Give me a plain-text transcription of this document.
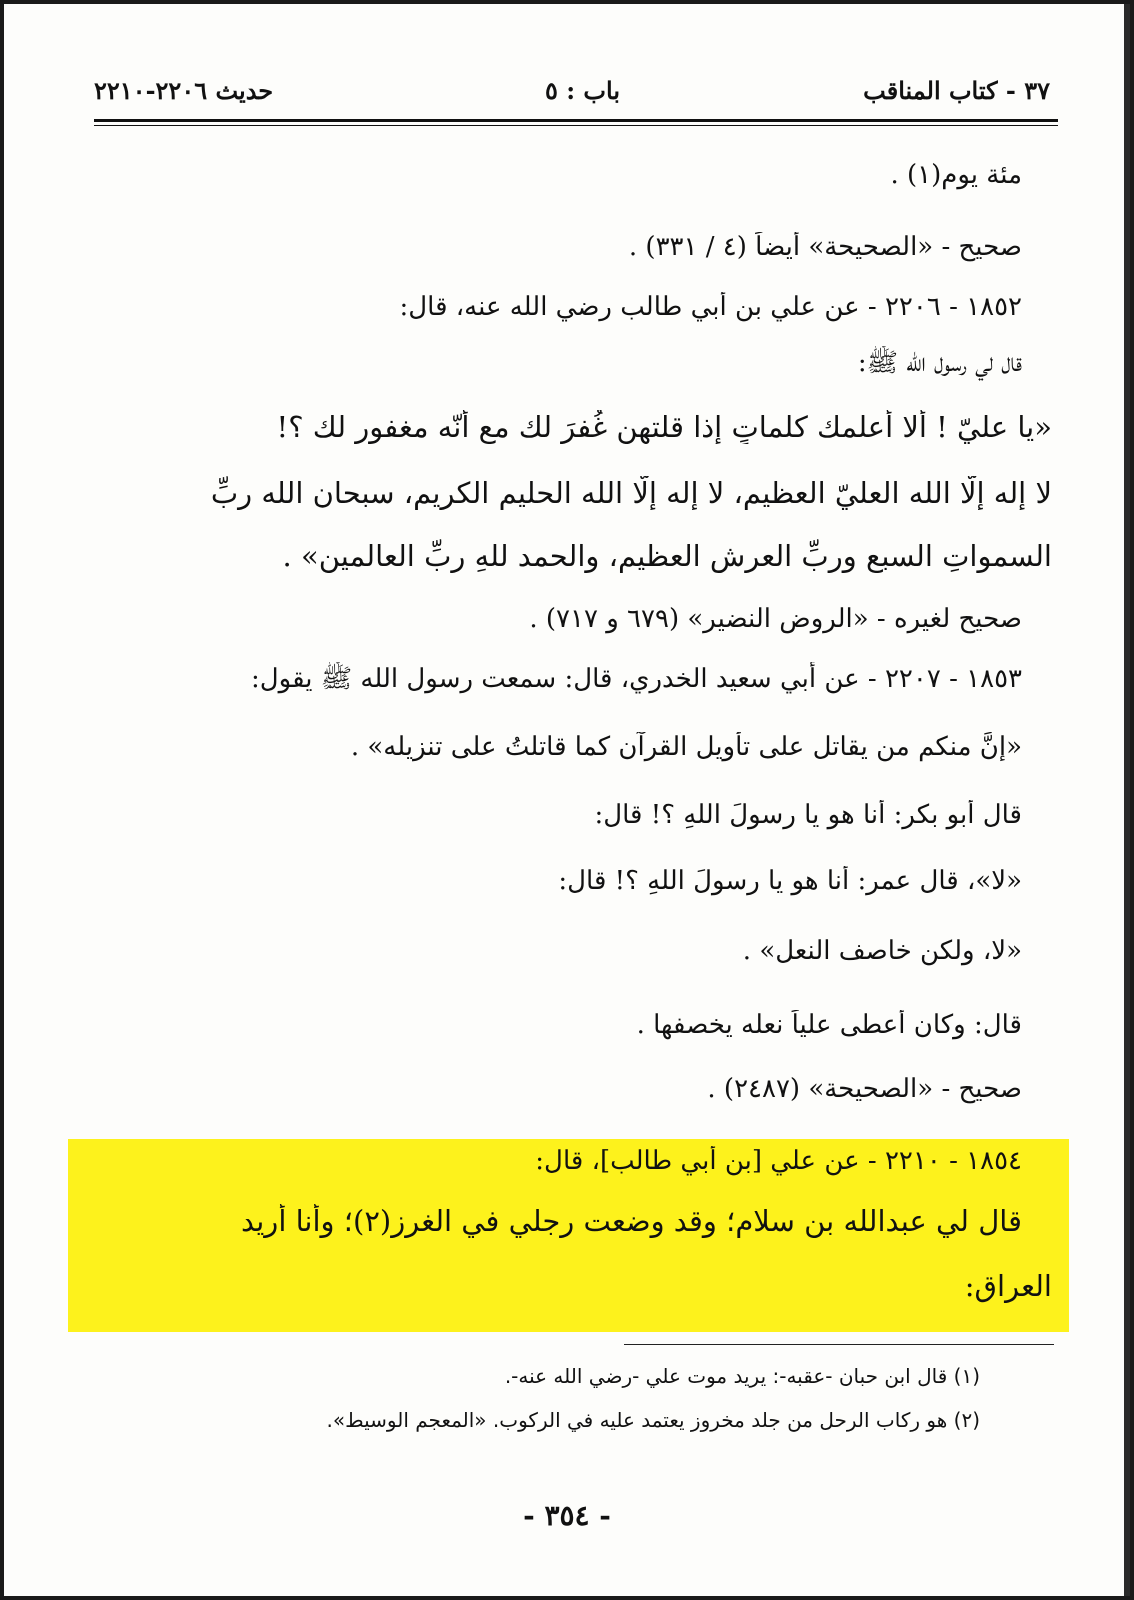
٣٧ - كتاب المناقب
باب : ٥
حديث ٢٢٠٦-٢٢١٠
مئة يوم(١) .
صحيح - «الصحيحة» أيضاً (٤ / ٣٣١) .
١٨٥٢ - ٢٢٠٦ - عن علي بن أبي طالب رضي الله عنه، قال:
قال لي رسول الله ﷺ:
«يا عليّ ! أَلا أُعلمك كلماتٍ إذا قلتهن غُفرَ لك مع أنّه مغفور لك ؟!
لا إله إلّا الله العليّ العظيم، لا إله إلّا الله الحليم الكريم، سبحان الله ربِّ
السمواتِ السبعِ وربِّ العرشِ العظيم، والحمد للهِ ربِّ العالمين» .
صحيح لغيره - «الروض النضير» (٦٧٩ و ٧١٧) .
١٨٥٣ - ٢٢٠٧ - عن أبي سعيد الخدري، قال: سمعت رسول الله ﷺ يقول:
«إنَّ منكم من يقاتل على تأويل القرآن كما قاتلتُ على تنزيله» .
قال أبو بكر: أنا هو يا رسولَ اللهِ ؟! قال:
«لا»، قال عمر: أنا هو يا رسولَ اللهِ ؟! قال:
«لا، ولكن خاصف النعل» .
قال: وكان أعطى علياً نعله يخصفها .
صحيح - «الصحيحة» (٢٤٨٧) .
١٨٥٤ - ٢٢١٠ - عن علي [بن أبي طالب]، قال:
قال لي عبدالله بن سلام؛ وقد وضعت رجلي في الغرز(٢)؛ وأنا أُريد
العراق:
(١) قال ابن حبان -عقبه-: يريد موت علي -رضي الله عنه-.
(٢) هو ركاب الرحل من جلد مخروز يعتمد عليه في الركوب. «المعجم الوسيط».
- ٣٥٤ -
